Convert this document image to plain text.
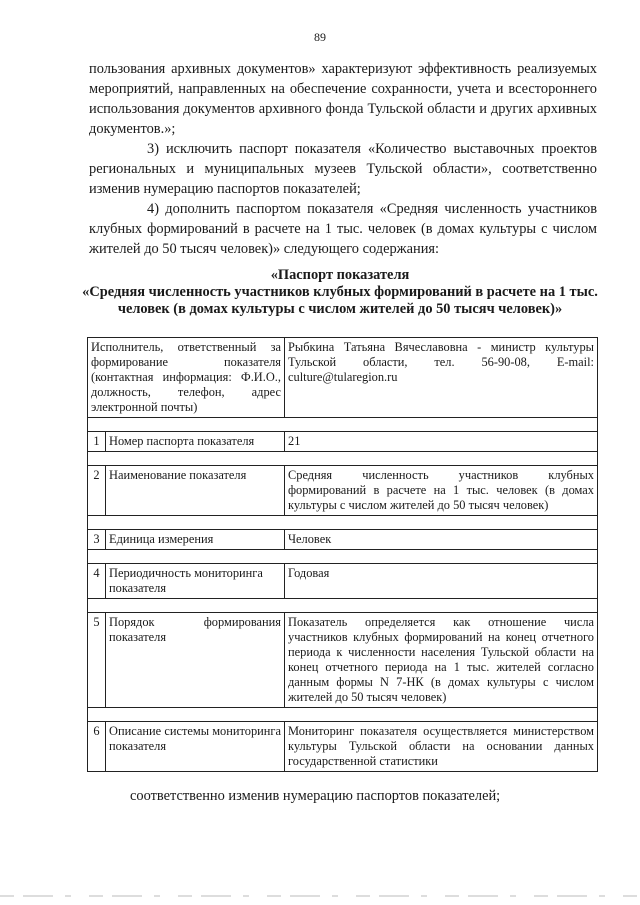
89

пользования архивных документов» характеризуют эффективность реализуемых мероприятий, направленных на обеспечение сохранности, учета и всестороннего использования документов архивного фонда Тульской области и других архивных документов.»;

3) исключить паспорт показателя «Количество выставочных проектов региональных и муниципальных музеев Тульской области», соответственно изменив нумерацию паспортов показателей;

4) дополнить паспортом показателя «Средняя численность участников клубных формирований в расчете на 1 тыс. человек (в домах культуры с числом жителей до 50 тысяч человек)» следующего содержания:

«Паспорт показателя
«Средняя численность участников клубных формирований в расчете на 1 тыс. человек (в домах культуры с числом жителей до 50 тысяч человек)»
Исполнитель, ответственный за формирование показателя (контактная информация: Ф.И.О., должность, телефон, адрес электронной почты)		Рыбкина Татьяна Вячеславовна - министр культуры Тульской области, тел. 56-90-08, E-mail: culture@tularegion.ru

1	Номер паспорта показателя	21

2	Наименование показателя	Средняя численность участников клубных формирований в расчете на 1 тыс. человек (в домах культуры с числом жителей до 50 тысяч человек)

3	Единица измерения	Человек

4	Периодичность мониторинга показателя	Годовая

5	Порядок формирования показателя	Показатель определяется как отношение числа участников клубных формирований на конец отчетного периода к численности населения Тульской области на конец отчетного периода на 1 тыс. жителей согласно данным формы N 7-НК (в домах культуры с числом жителей до 50 тысяч человек)

6	Описание системы мониторинга показателя	Мониторинг показателя осуществляется министерством культуры Тульской области на основании данных государственной статистики
соответственно изменив нумерацию паспортов показателей;
